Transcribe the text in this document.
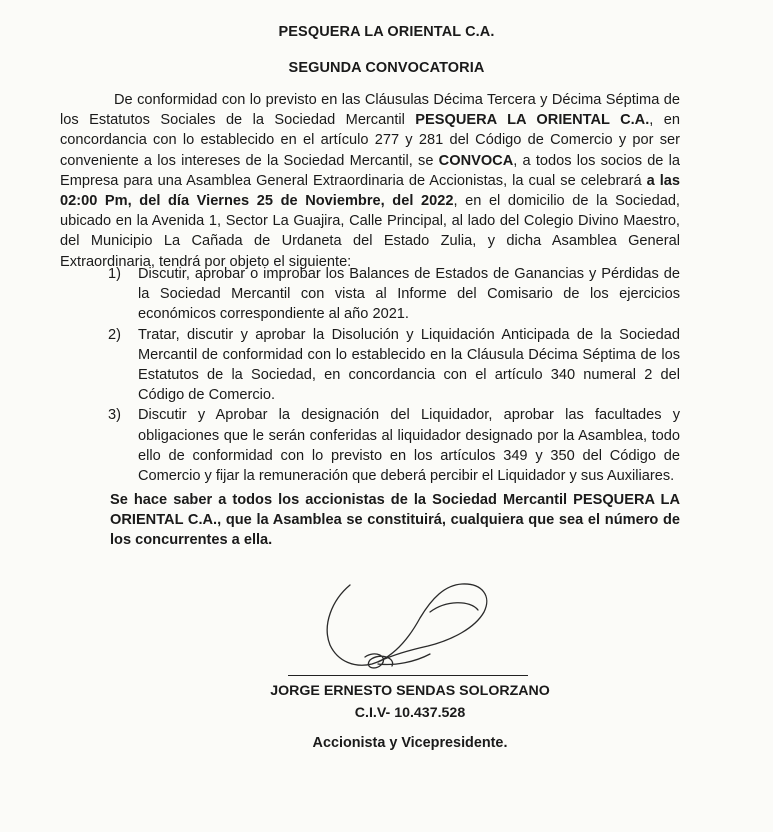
PESQUERA LA ORIENTAL C.A.
SEGUNDA CONVOCATORIA

De conformidad con lo previsto en las Cláusulas Décima Tercera y Décima Séptima de los Estatutos Sociales de la Sociedad Mercantil PESQUERA LA ORIENTAL C.A., en concordancia con lo establecido en el artículo 277 y 281 del Código de Comercio y por ser conveniente a los intereses de la Sociedad Mercantil, se CONVOCA, a todos los socios de la Empresa para una Asamblea General Extraordinaria de Accionistas, la cual se celebrará a las 02:00 Pm, del día Viernes 25 de Noviembre, del 2022, en el domicilio de la Sociedad, ubicado en la Avenida 1, Sector La Guajira, Calle Principal, al lado del Colegio Divino Maestro, del Municipio La Cañada de Urdaneta del Estado Zulia, y dicha Asamblea General Extraordinaria, tendrá por objeto el siguiente:

1) Discutir, aprobar o improbar los Balances de Estados de Ganancias y Pérdidas de la Sociedad Mercantil con vista al Informe del Comisario de los ejercicios económicos correspondiente al año 2021.
2) Tratar, discutir y aprobar la Disolución y Liquidación Anticipada de la Sociedad Mercantil de conformidad con lo establecido en la Cláusula Décima Séptima de los Estatutos de la Sociedad, en concordancia con el artículo 340 numeral 2 del Código de Comercio.
3) Discutir y Aprobar la designación del Liquidador, aprobar las facultades y obligaciones que le serán conferidas al liquidador designado por la Asamblea, todo ello de conformidad con lo previsto en los artículos 349 y 350 del Código de Comercio y fijar la remuneración que deberá percibir el Liquidador y sus Auxiliares.

Se hace saber a todos los accionistas de la Sociedad Mercantil PESQUERA LA ORIENTAL C.A., que la Asamblea se constituirá, cualquiera que sea el número de los concurrentes a ella.

JORGE ERNESTO SENDAS SOLORZANO
C.I.V- 10.437.528
Accionista y Vicepresidente.
